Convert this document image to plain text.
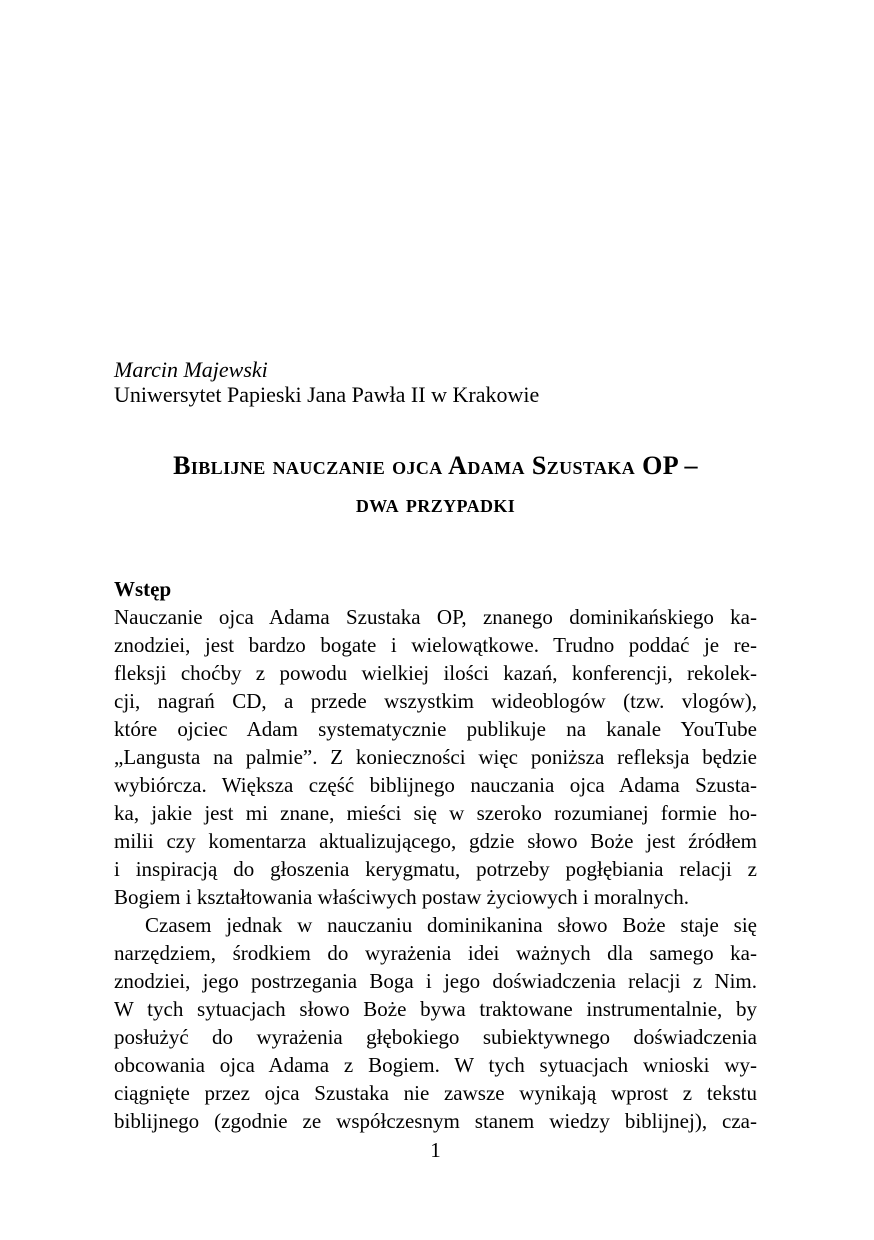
Marcin Majewski
Uniwersytet Papieski Jana Pawła II w Krakowie
Biblijne nauczanie ojca Adama Szustaka OP –
dwa przypadki
Wstęp
Nauczanie ojca Adama Szustaka OP, znanego dominikańskiego ka-
znodziei, jest bardzo bogate i wielowątkowe. Trudno poddać je re-
fleksji choćby z powodu wielkiej ilości kazań, konferencji, rekolek-
cji, nagrań CD, a przede wszystkim wideoblogów (tzw. vlogów),
które ojciec Adam systematycznie publikuje na kanale YouTube
„Langusta na palmie”. Z konieczności więc poniższa refleksja będzie
wybiórcza. Większa część biblijnego nauczania ojca Adama Szusta-
ka, jakie jest mi znane, mieści się w szeroko rozumianej formie ho-
milii czy komentarza aktualizującego, gdzie słowo Boże jest źródłem
i inspiracją do głoszenia kerygmatu, potrzeby pogłębiania relacji z
Bogiem i kształtowania właściwych postaw życiowych i moralnych.
Czasem jednak w nauczaniu dominikanina słowo Boże staje się
narzędziem, środkiem do wyrażenia idei ważnych dla samego ka-
znodziei, jego postrzegania Boga i jego doświadczenia relacji z Nim.
W tych sytuacjach słowo Boże bywa traktowane instrumentalnie, by
posłużyć do wyrażenia głębokiego subiektywnego doświadczenia
obcowania ojca Adama z Bogiem. W tych sytuacjach wnioski wy-
ciągnięte przez ojca Szustaka nie zawsze wynikają wprost z tekstu
biblijnego (zgodnie ze współczesnym stanem wiedzy biblijnej), cza-
1
